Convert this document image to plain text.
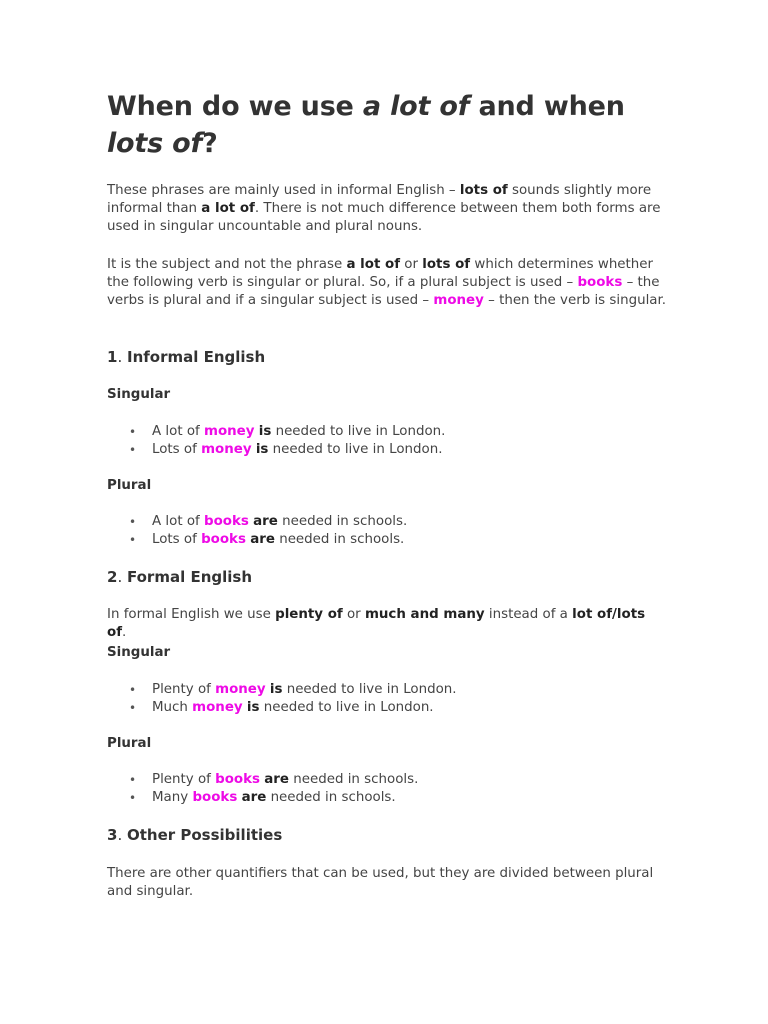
When do we use a lot of and when lots of?

These phrases are mainly used in informal English – lots of sounds slightly more informal than a lot of. There is not much difference between them both forms are used in singular uncountable and plural nouns.

It is the subject and not the phrase a lot of or lots of which determines whether the following verb is singular or plural. So, if a plural subject is used – books – the verbs is plural and if a singular subject is used – money – then the verb is singular.

1. Informal English
Singular
• A lot of money is needed to live in London.
• Lots of money is needed to live in London.
Plural
• A lot of books are needed in schools.
• Lots of books are needed in schools.
2. Formal English

In formal English we use plenty of or much and many instead of a lot of/lots of.

Singular
• Plenty of money is needed to live in London.
• Much money is needed to live in London.
Plural
• Plenty of books are needed in schools.
• Many books are needed in schools.
3. Other Possibilities

There are other quantifiers that can be used, but they are divided between plural and singular.
